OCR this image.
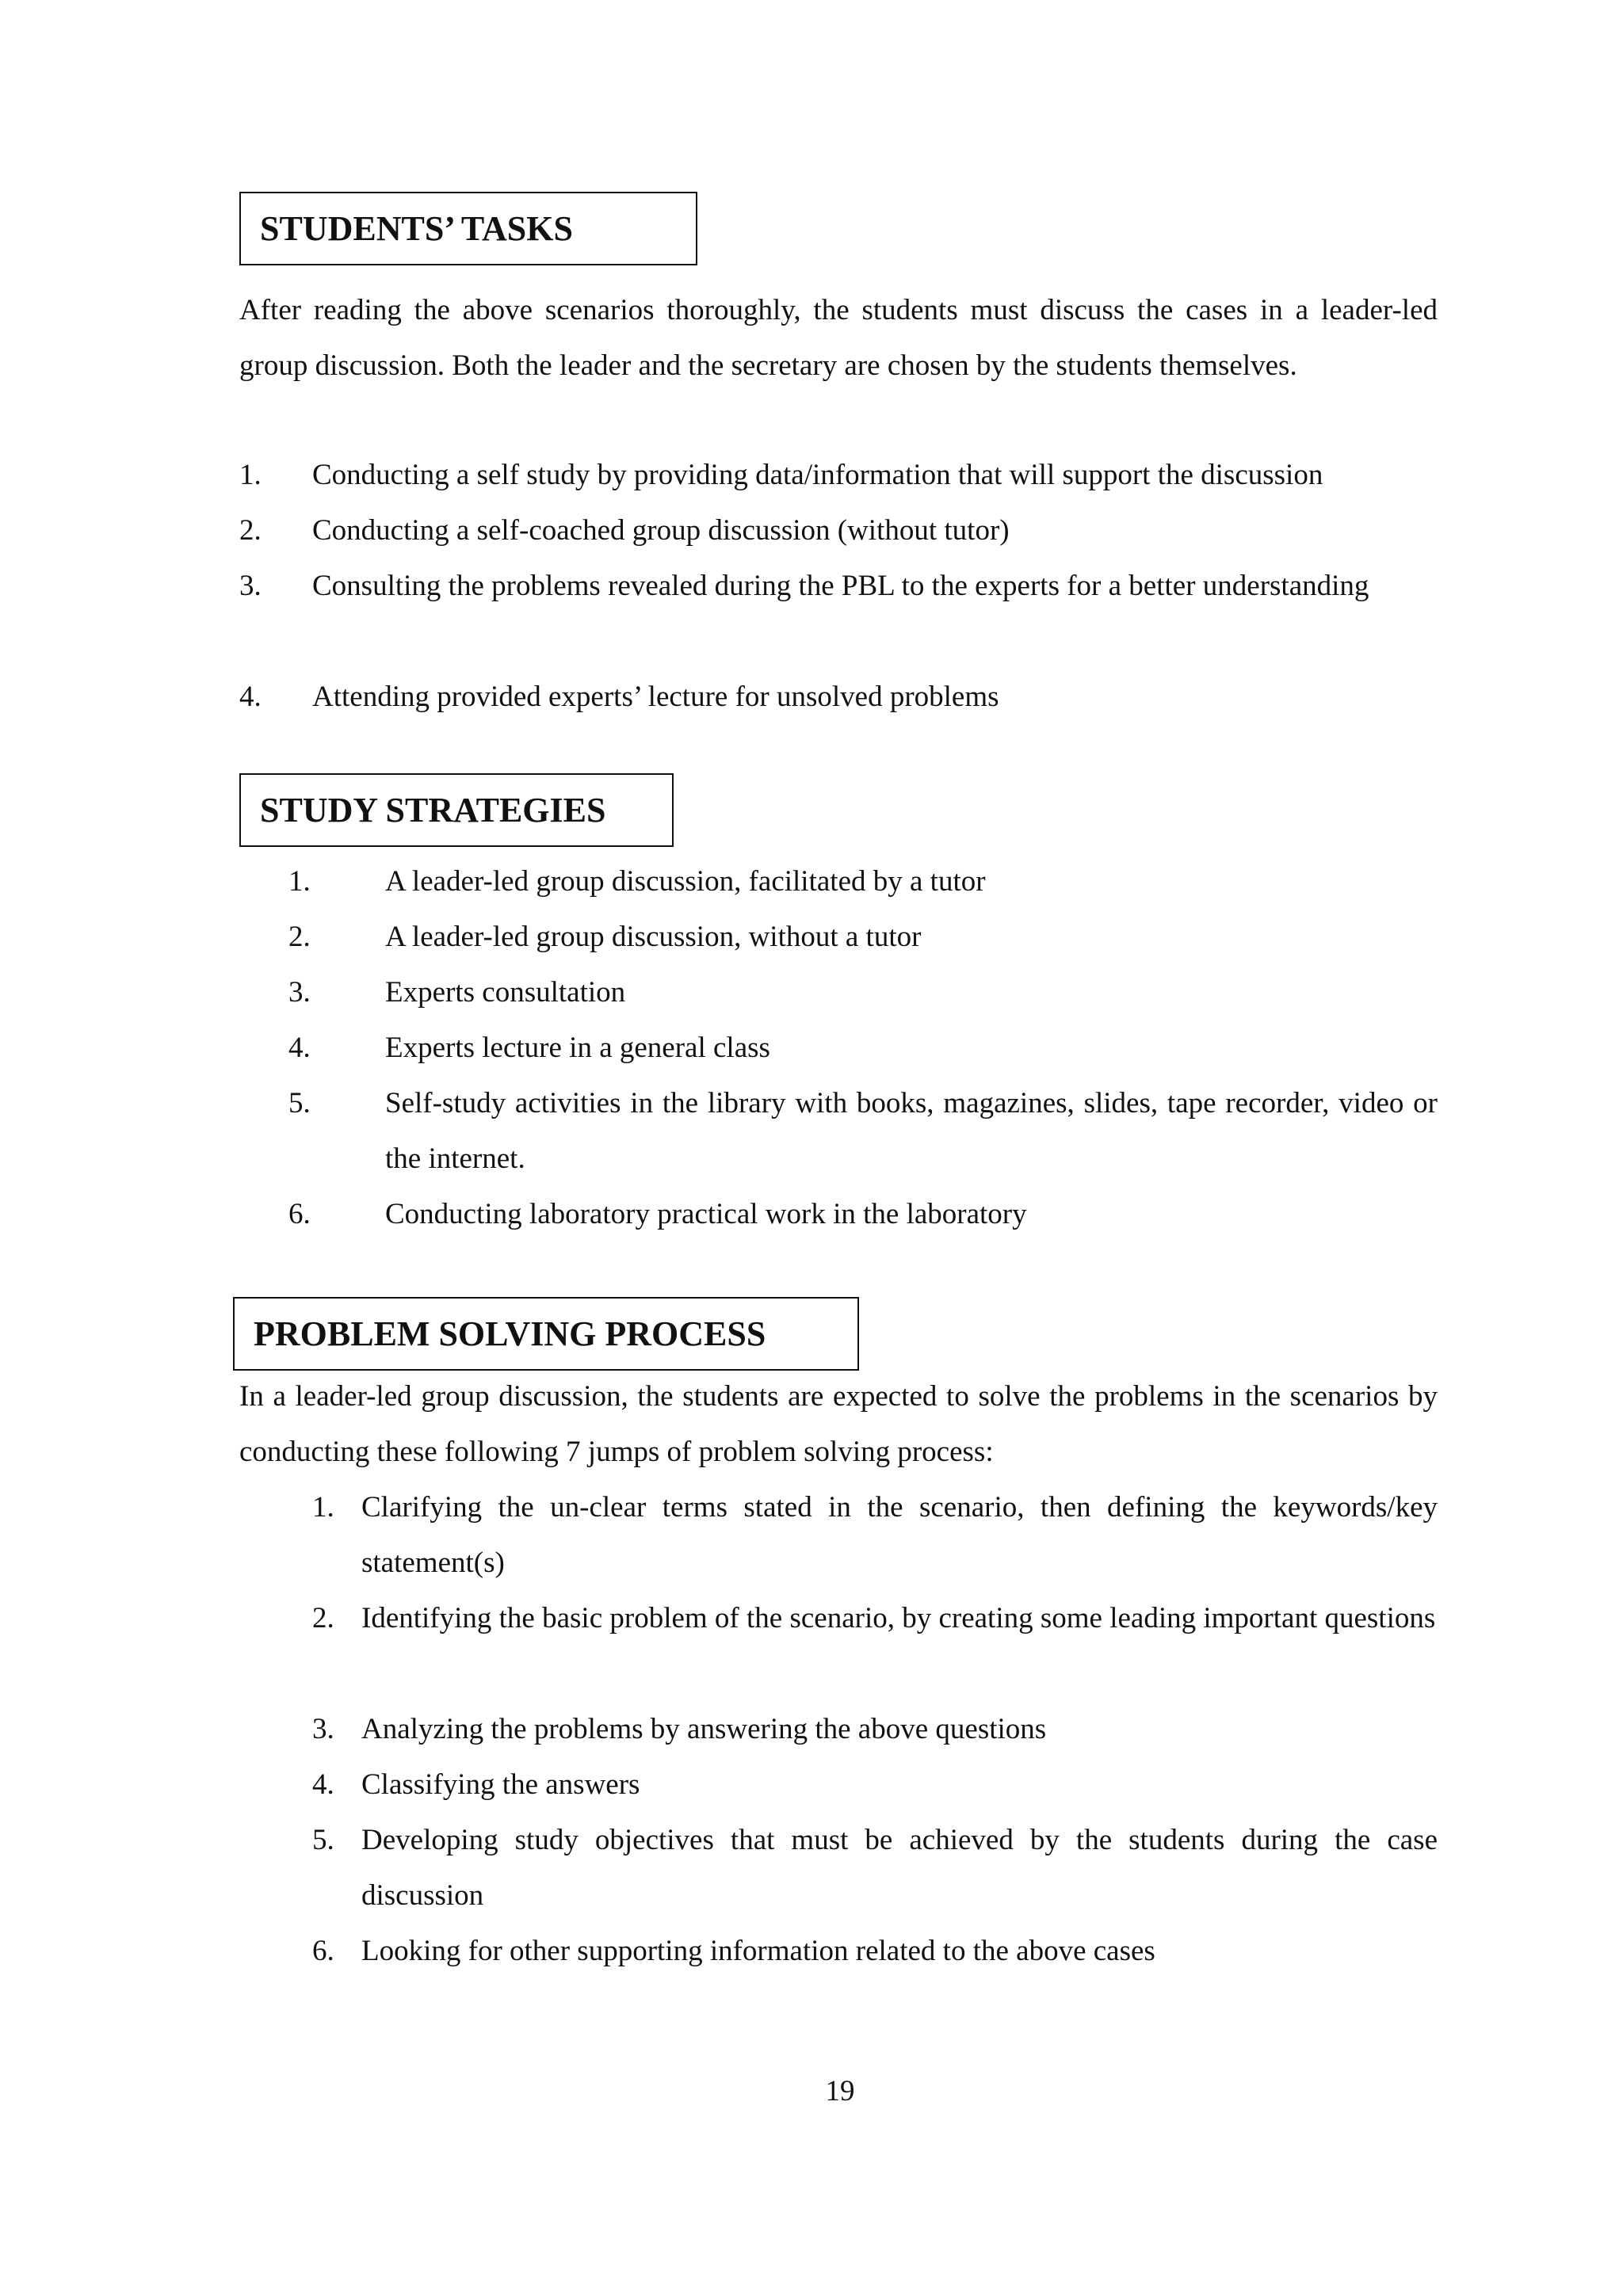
STUDENTS’ TASKS

After reading the above scenarios thoroughly, the students must discuss the cases in a leader-led group discussion. Both the leader and the secretary are chosen by the students themselves.

1. Conducting a self study by providing data/information that will support the discussion

2. Conducting a self-coached group discussion (without tutor)

3. Consulting the problems revealed during the PBL to the experts for a better understanding

4. Attending provided experts’ lecture for unsolved problems

STUDY STRATEGIES
1.	A leader-led group discussion, facilitated by a tutor

2.	A leader-led group discussion, without a tutor

3.	Experts consultation

4.	Experts lecture in a general class

5.	Self-study activities in the library with books, magazines, slides, tape recorder, video or the internet.

6.	Conducting laboratory practical work in the laboratory

PROBLEM SOLVING PROCESS

In a leader-led group discussion, the students are expected to solve the problems in the scenarios by conducting these following 7 jumps of problem solving process:

1. Clarifying the un-clear terms stated in the scenario, then defining the keywords/key statement(s)

2. Identifying the basic problem of the scenario, by creating some leading important questions

3. Analyzing the problems by answering the above questions

4. Classifying the answers

5. Developing study objectives that must be achieved by the students during the case discussion

6. Looking for other supporting information related to the above cases

19
